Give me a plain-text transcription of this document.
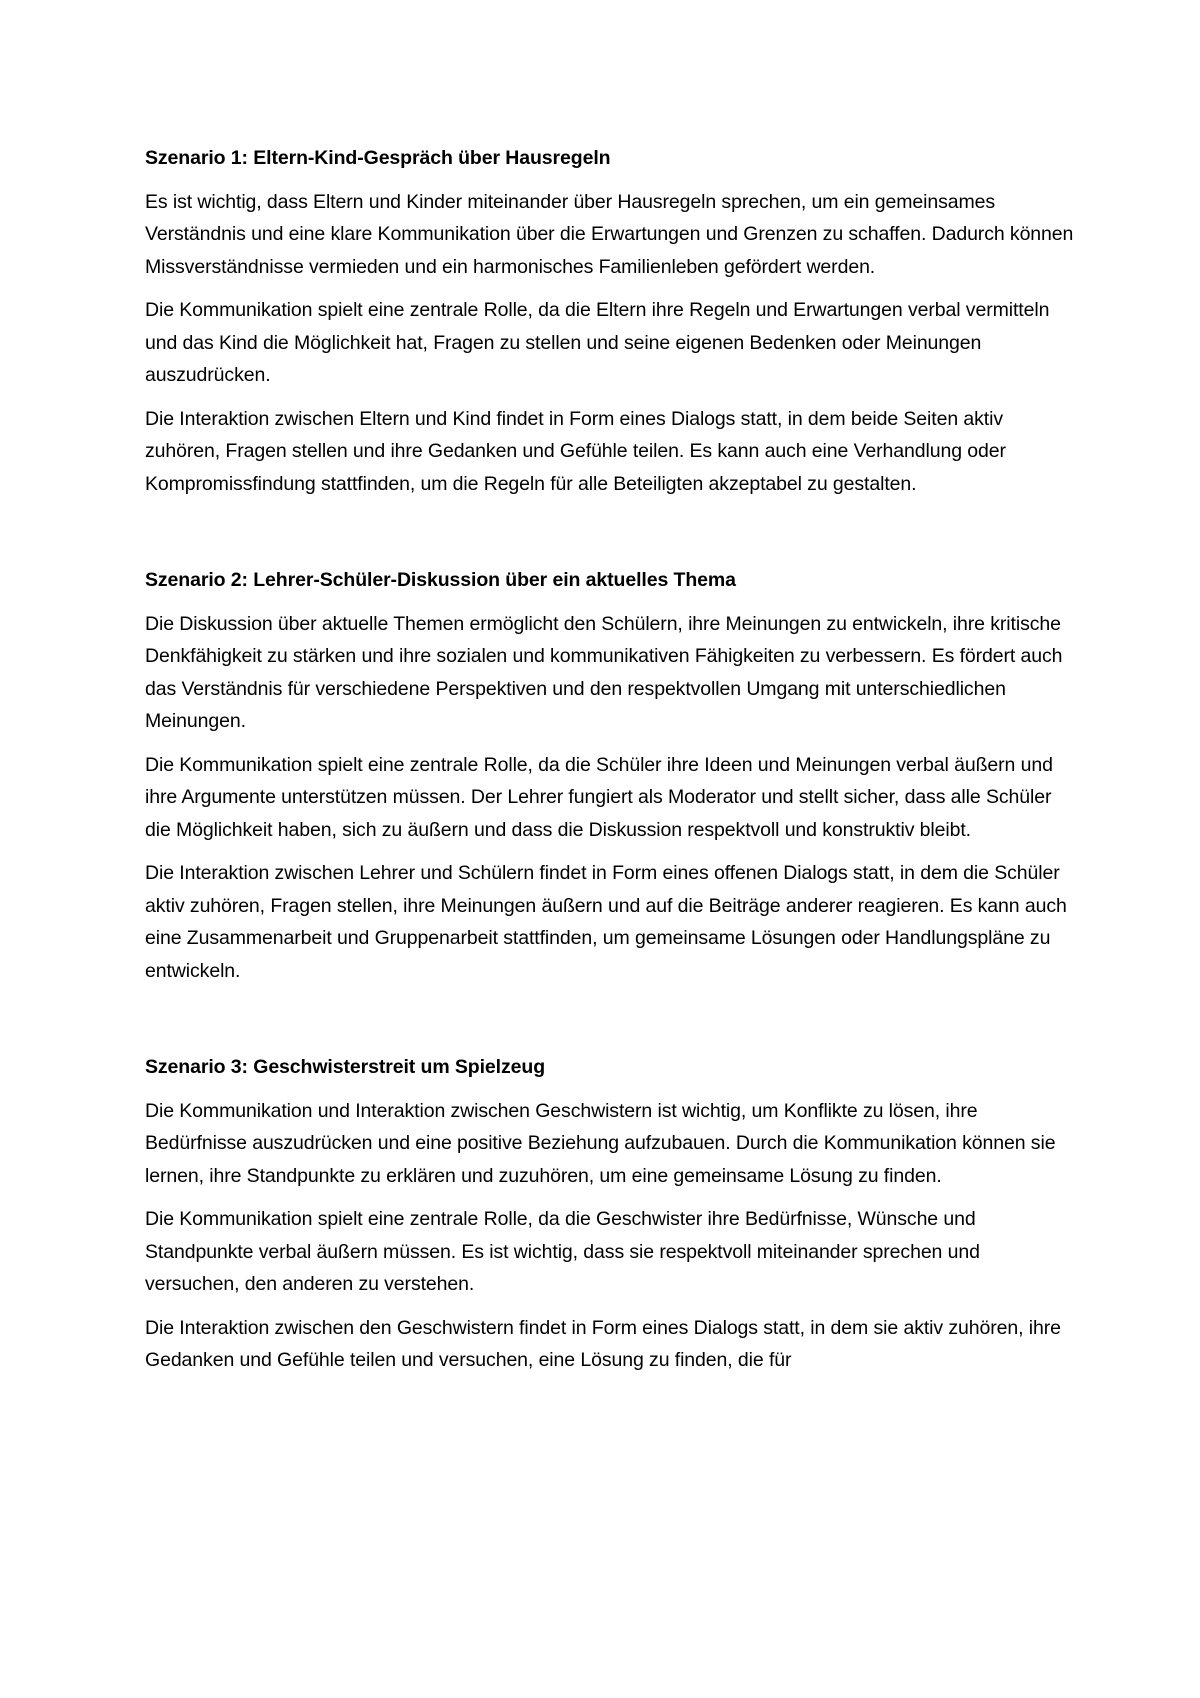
Szenario 1: Eltern-Kind-Gespräch über Hausregeln

Es ist wichtig, dass Eltern und Kinder miteinander über Hausregeln sprechen, um ein gemeinsames Verständnis und eine klare Kommunikation über die Erwartungen und Grenzen zu schaffen. Dadurch können Missverständnisse vermieden und ein harmonisches Familienleben gefördert werden.

Die Kommunikation spielt eine zentrale Rolle, da die Eltern ihre Regeln und Erwartungen verbal vermitteln und das Kind die Möglichkeit hat, Fragen zu stellen und seine eigenen Bedenken oder Meinungen auszudrücken.

Die Interaktion zwischen Eltern und Kind findet in Form eines Dialogs statt, in dem beide Seiten aktiv zuhören, Fragen stellen und ihre Gedanken und Gefühle teilen. Es kann auch eine Verhandlung oder Kompromissfindung stattfinden, um die Regeln für alle Beteiligten akzeptabel zu gestalten.

Szenario 2: Lehrer-Schüler-Diskussion über ein aktuelles Thema

Die Diskussion über aktuelle Themen ermöglicht den Schülern, ihre Meinungen zu entwickeln, ihre kritische Denkfähigkeit zu stärken und ihre sozialen und kommunikativen Fähigkeiten zu verbessern. Es fördert auch das Verständnis für verschiedene Perspektiven und den respektvollen Umgang mit unterschiedlichen Meinungen.

Die Kommunikation spielt eine zentrale Rolle, da die Schüler ihre Ideen und Meinungen verbal äußern und ihre Argumente unterstützen müssen. Der Lehrer fungiert als Moderator und stellt sicher, dass alle Schüler die Möglichkeit haben, sich zu äußern und dass die Diskussion respektvoll und konstruktiv bleibt.

Die Interaktion zwischen Lehrer und Schülern findet in Form eines offenen Dialogs statt, in dem die Schüler aktiv zuhören, Fragen stellen, ihre Meinungen äußern und auf die Beiträge anderer reagieren. Es kann auch eine Zusammenarbeit und Gruppenarbeit stattfinden, um gemeinsame Lösungen oder Handlungspläne zu entwickeln.

Szenario 3: Geschwisterstreit um Spielzeug

Die Kommunikation und Interaktion zwischen Geschwistern ist wichtig, um Konflikte zu lösen, ihre Bedürfnisse auszudrücken und eine positive Beziehung aufzubauen. Durch die Kommunikation können sie lernen, ihre Standpunkte zu erklären und zuzuhören, um eine gemeinsame Lösung zu finden.

Die Kommunikation spielt eine zentrale Rolle, da die Geschwister ihre Bedürfnisse, Wünsche und Standpunkte verbal äußern müssen. Es ist wichtig, dass sie respektvoll miteinander sprechen und versuchen, den anderen zu verstehen.

Die Interaktion zwischen den Geschwistern findet in Form eines Dialogs statt, in dem sie aktiv zuhören, ihre Gedanken und Gefühle teilen und versuchen, eine Lösung zu finden, die für
